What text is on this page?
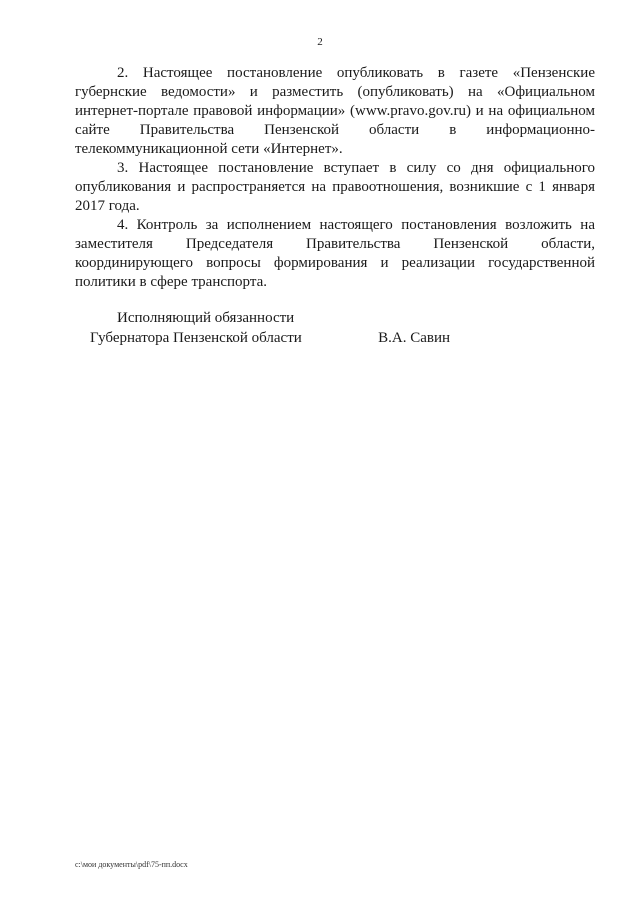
2

2. Настоящее постановление опубликовать в газете «Пензенские губернские ведомости» и разместить (опубликовать) на «Официальном интернет-портале правовой информации» (www.pravo.gov.ru) и на официальном сайте Правительства Пензенской области в информационно-телекоммуникационной сети «Интернет».

3. Настоящее постановление вступает в силу со дня официального опубликования и распространяется на правоотношения, возникшие с 1 января 2017 года.

4. Контроль за исполнением настоящего постановления возложить на заместителя Председателя Правительства Пензенской области, координирующего вопросы формирования и реализации государственной политики в сфере транспорта.

Исполняющий обязанности
Губернатора Пензенской области	В.А. Савин
c:\мои документы\pdf\75-пп.docx
